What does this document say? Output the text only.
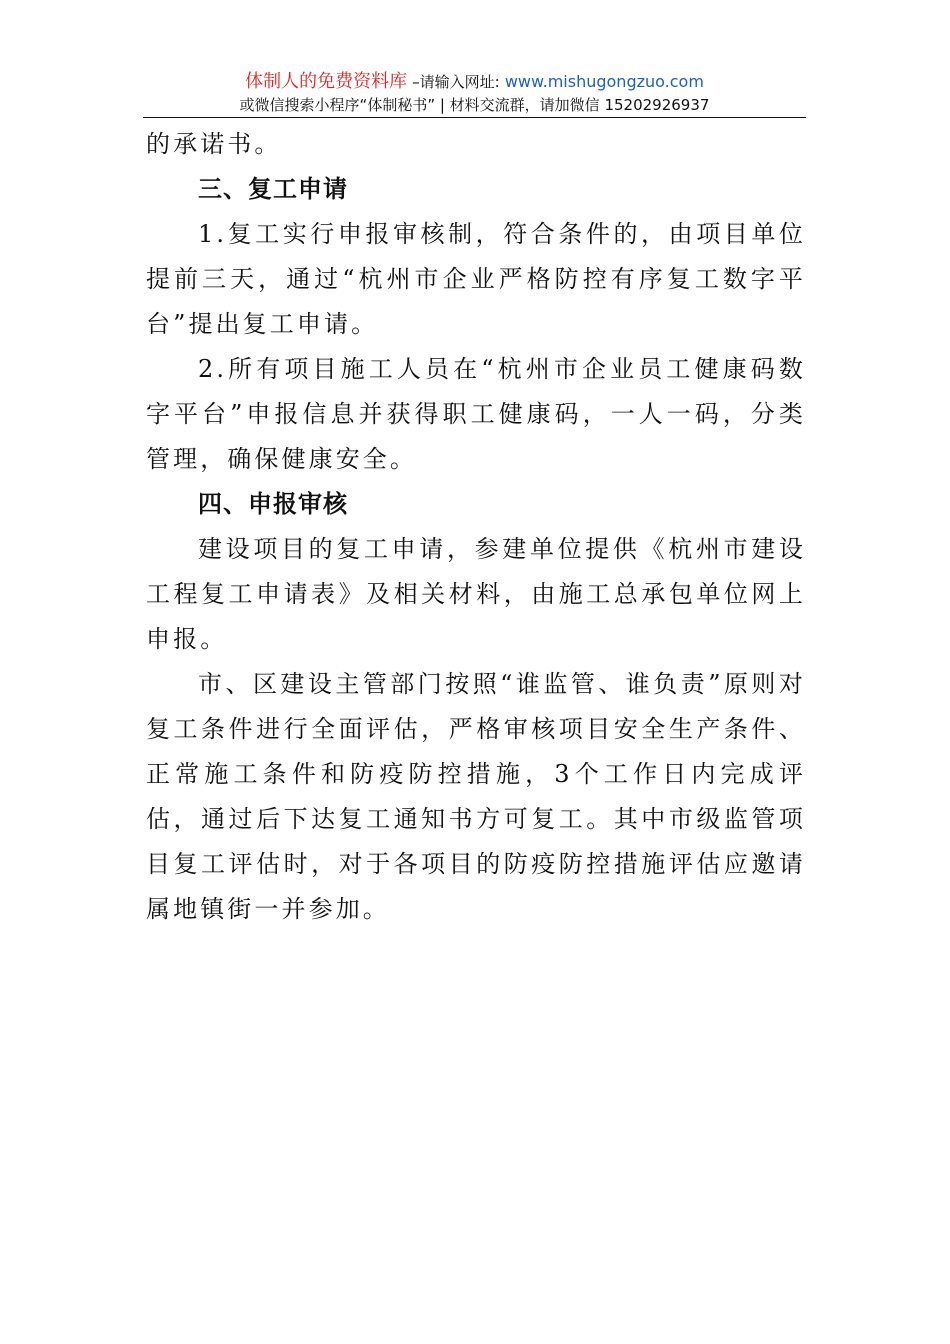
体制人的免费资料库 –请输入网址: www.mishugongzuo.com
或微信搜索小程序“体制秘书” | 材料交流群，请加微信 15202926937

的承诺书。

三、复工申请

1.复工实行申报审核制，符合条件的，由项目单位提前三天，通过“杭州市企业严格防控有序复工数字平台”提出复工申请。

2.所有项目施工人员在“杭州市企业员工健康码数字平台”申报信息并获得职工健康码，一人一码，分类管理，确保健康安全。

四、申报审核

建设项目的复工申请，参建单位提供《杭州市建设工程复工申请表》及相关材料，由施工总承包单位网上申报。

市、区建设主管部门按照“谁监管、谁负责”原则对复工条件进行全面评估，严格审核项目安全生产条件、正常施工条件和防疫防控措施，3个工作日内完成评估，通过后下达复工通知书方可复工。其中市级监管项目复工评估时，对于各项目的防疫防控措施评估应邀请属地镇街一并参加。
